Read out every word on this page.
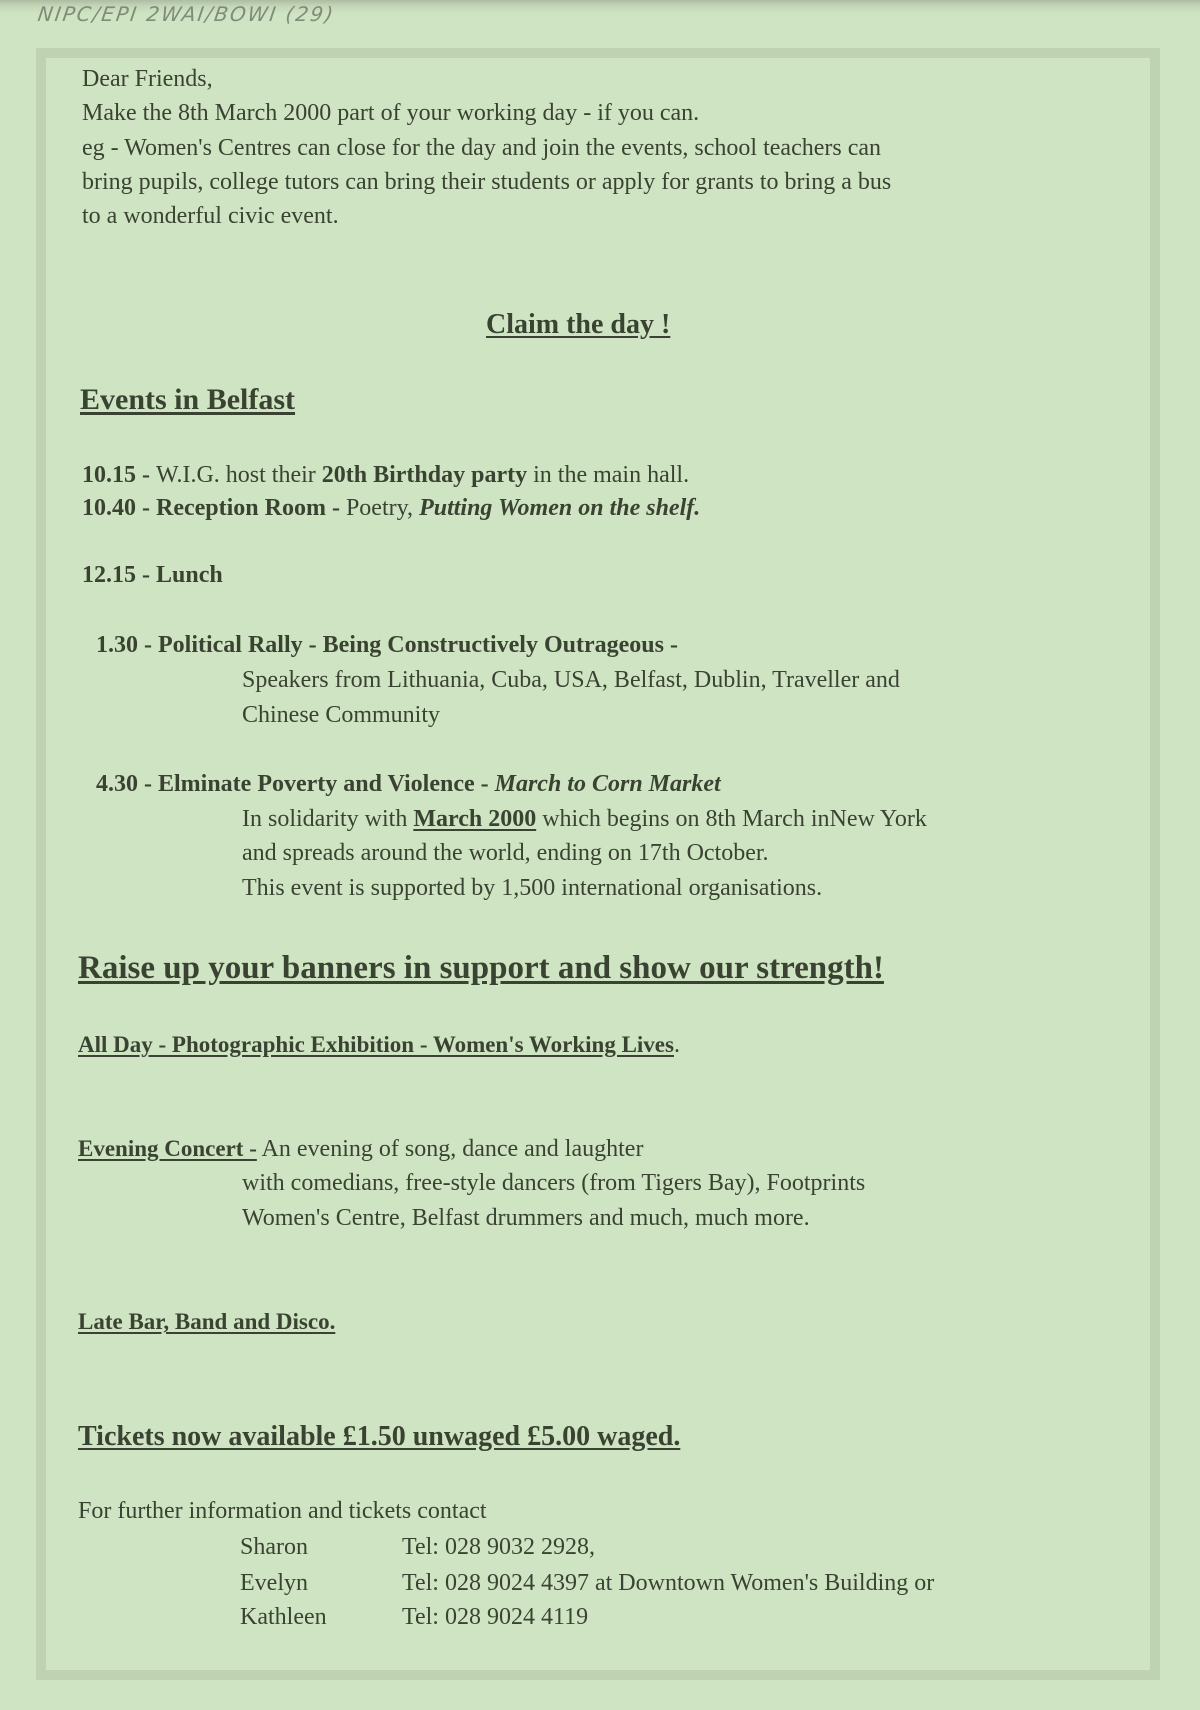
NIPC/EPI 2WAI/BOWI (29)
Dear Friends,
Make the 8th March 2000 part of your working day - if you can.
eg - Women's Centres can close for the day and join the events, school teachers can
bring pupils, college tutors can bring their students or apply for grants to bring a bus
to a wonderful civic event.
Claim the day !
Events in Belfast
10.15 - W.I.G. host their 20th Birthday party in the main hall.
10.40 - Reception Room - Poetry, Putting Women on the shelf.
12.15 - Lunch
1.30 - Political Rally - Being Constructively Outrageous -
Speakers from Lithuania, Cuba, USA, Belfast, Dublin, Traveller and
Chinese Community
4.30 - Elminate Poverty and Violence - March to Corn Market
In solidarity with March 2000 which begins on 8th March inNew York
and spreads around the world, ending on 17th October.
This event is supported by 1,500 international organisations.
Raise up your banners in support and show our strength!
All Day - Photographic Exhibition - Women's Working Lives.
Evening Concert - An evening of song, dance and laughter
with comedians, free-style dancers (from Tigers Bay), Footprints
Women's Centre, Belfast drummers and much, much more.
Late Bar, Band and Disco.
Tickets now available £1.50 unwaged £5.00 waged.
For further information and tickets contact
Sharon	Tel: 028 9032 2928,
Evelyn	Tel: 028 9024 4397 at Downtown Women's Building or
Kathleen	Tel: 028 9024 4119
